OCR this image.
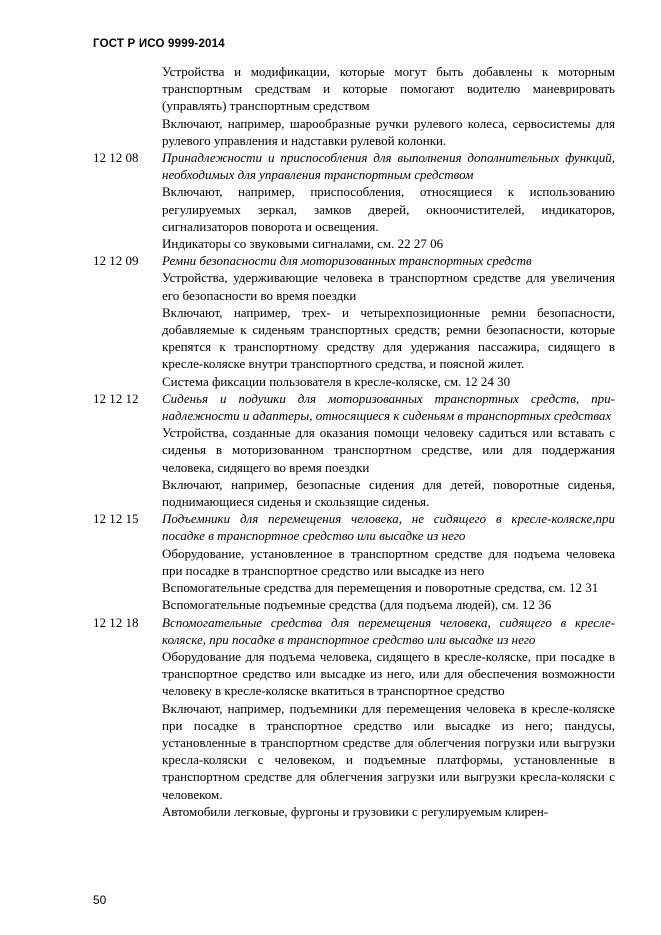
ГОСТ Р ИСО 9999-2014

Устройства и модификации, которые могут быть добавлены к моторным транспортным средствам и которые помогают водителю маневрировать (управлять) транспортным средством

Включают, например, шарообразные ручки рулевого колеса, сервосистемы для рулевого управления и надставки рулевой колонки.

12 12 08	Принадлежности и приспособления для выполнения дополнительных функций, необходимых для управления транспортным средством

Включают, например, приспособления, относящиеся к использованию регулируемых зеркал, замков дверей, окноочистителей, индикаторов, сигнализаторов поворота и освещения.

Индикаторы со звуковыми сигналами, см. 22 27 06

12 12 09	Ремни безопасности для моторизованных транспортных средств

Устройства, удерживающие человека в транспортном средстве для увеличения его безопасности во время поездки

Включают, например, трех- и четырехпозиционные ремни безопасности, добавляемые к сиденьям транспортных средств; ремни безопасности, которые крепятся к транспортному средству для удержания пассажира, сидящего в кресле-коляске внутри транспортного средства, и поясной жилет.

Система фиксации пользователя в кресле-коляске, см. 12 24 30

12 12 12	Сиденья и подушки для моторизованных транспортных средств, принадлежности и адаптеры, относящиеся к сиденьям в транспортных средствах

Устройства, созданные для оказания помощи человеку садиться или вставать с сиденья в моторизованном транспортном средстве, или для поддержания человека, сидящего во время поездки

Включают, например, безопасные сидения для детей, поворотные сиденья, поднимающиеся сиденья и скользящие сиденья.

12 12 15	Подъемники для перемещения человека, не сидящего в кресле-коляске,при посадке в транспортное средство или высадке из него

Оборудование, установленное в транспортном средстве для подъема человека при посадке в транспортное средство или высадке из него

Вспомогательные средства для перемещения и поворотные средства, см. 12 31

Вспомогательные подъемные средства (для подъема людей), см. 12 36

12 12 18	Вспомогательные средства для перемещения человека, сидящего в кресле-коляске, при посадке в транспортное средство или высадке из него

Оборудование для подъема человека, сидящего в кресле-коляске, при посадке в транспортное средство или высадке из него, или для обеспечения возможности человеку в кресле-коляске вкатиться в транспортное средство

Включают, например, подъемники для перемещения человека в кресле-коляске при посадке в транспортное средство или высадке из него; пандусы, установленные в транспортном средстве для облегчения погрузки или выгрузки кресла-коляски с человеком, и подъемные платформы, установленные в транспортном средстве для облегчения загрузки или выгрузки кресла-коляски с человеком.

Автомобили легковые, фургоны и грузовики с регулируемым клирен-

50
